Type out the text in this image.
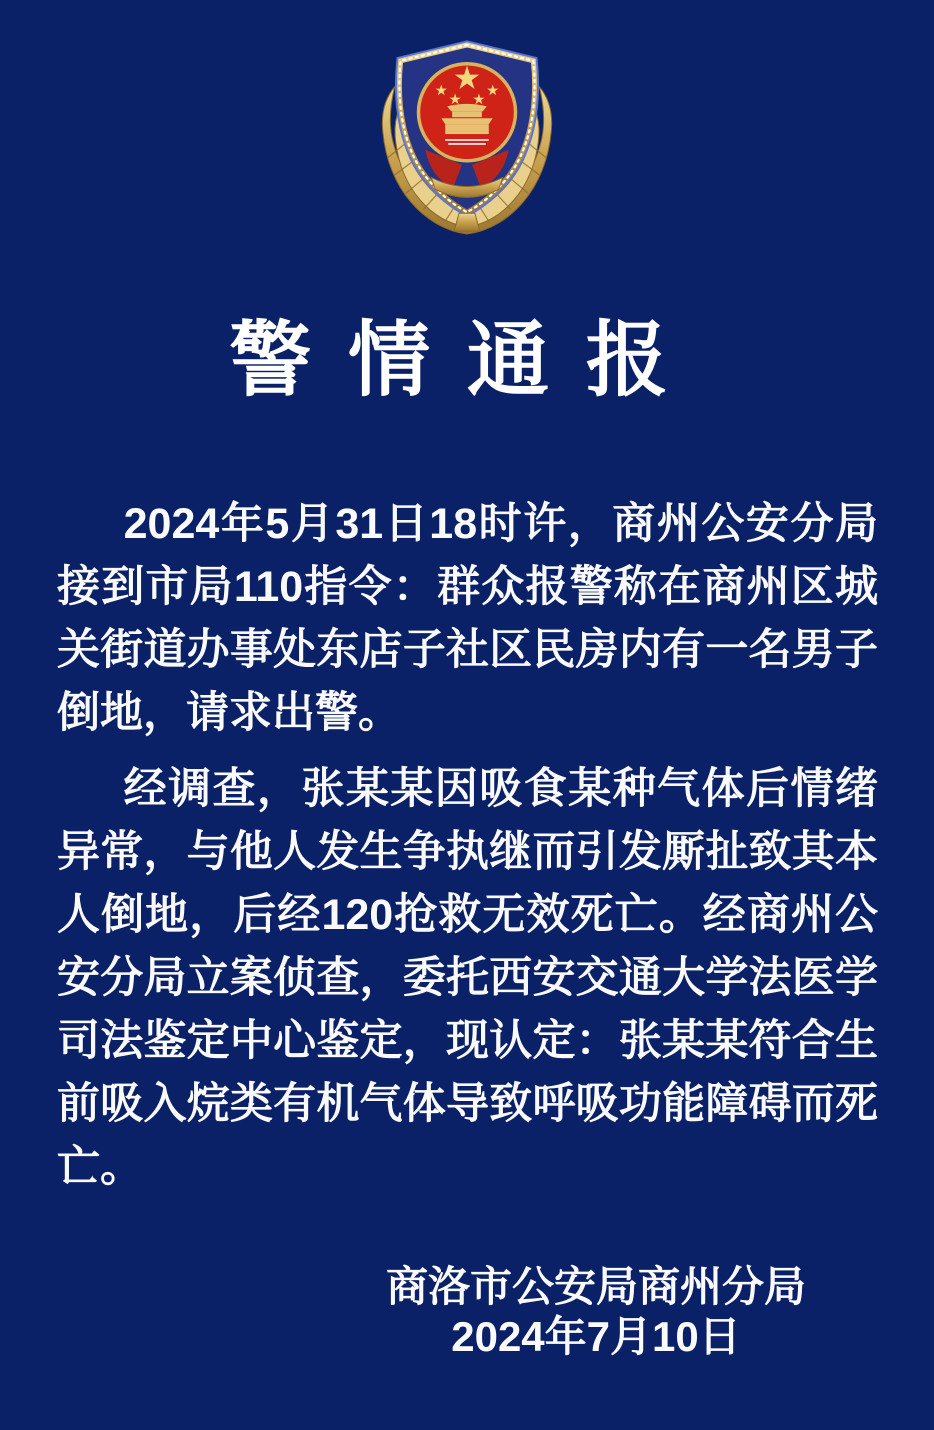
警情通报
2024年5月31日18时许，商州公安分局
接到市局110指令：群众报警称在商州区城
关街道办事处东店子社区民房内有一名男子
倒地，请求出警。
经调查，张某某因吸食某种气体后情绪
异常，与他人发生争执继而引发厮扯致其本
人倒地，后经120抢救无效死亡。经商州公
安分局立案侦查，委托西安交通大学法医学
司法鉴定中心鉴定，现认定：张某某符合生
前吸入烷类有机气体导致呼吸功能障碍而死
亡。
商洛市公安局商州分局
2024年7月10日
